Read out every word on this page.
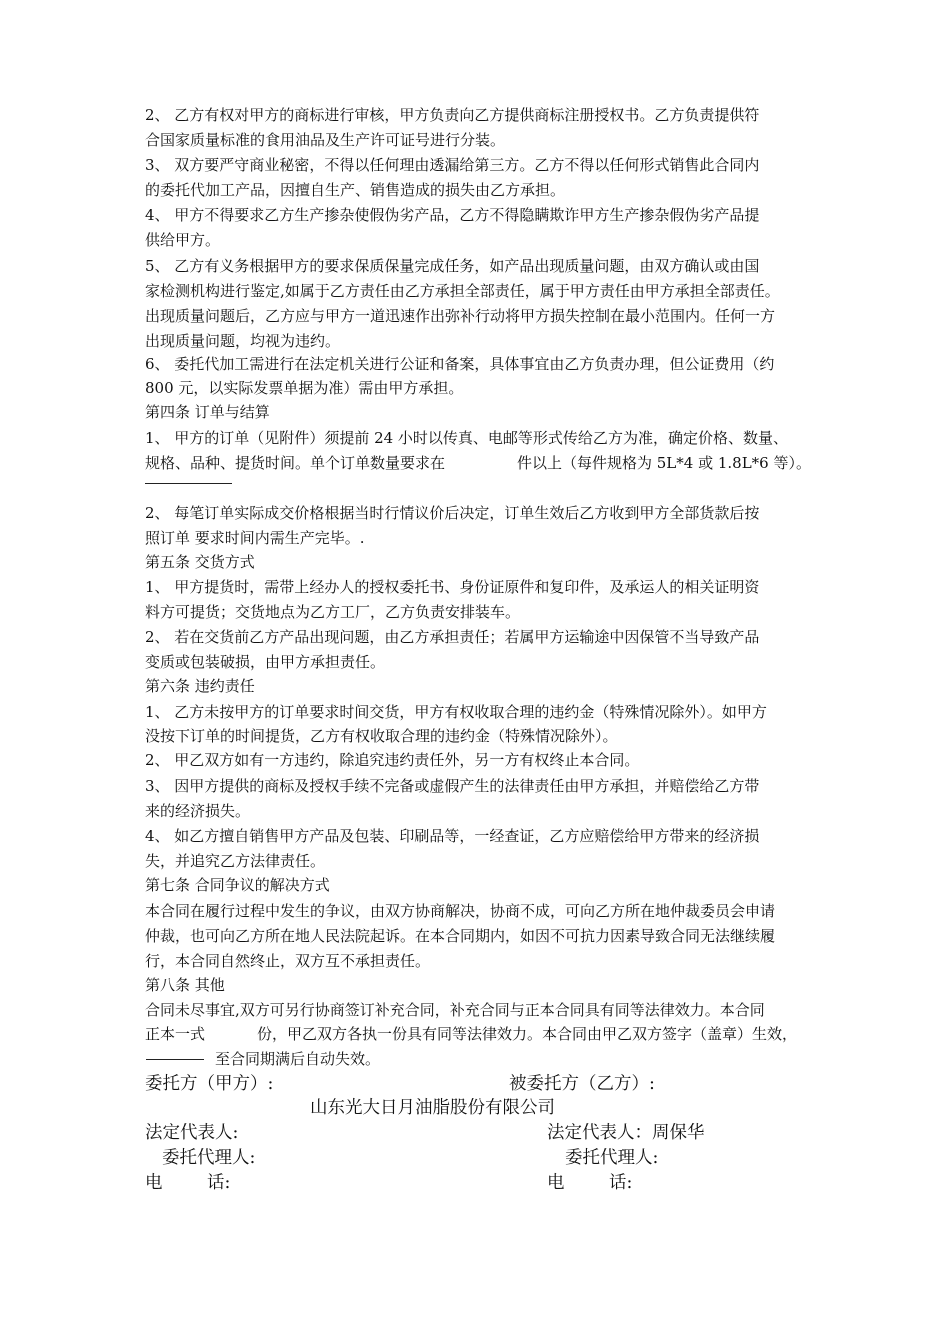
2、 乙方有权对甲方的商标进行审核，甲方负责向乙方提供商标注册授权书。乙方负责提供符
合国家质量标准的食用油品及生产许可证号进行分装。
3、 双方要严守商业秘密，不得以任何理由透漏给第三方。乙方不得以任何形式销售此合同内
的委托代加工产品，因擅自生产、销售造成的损失由乙方承担。
4、 甲方不得要求乙方生产掺杂使假伪劣产品，乙方不得隐瞒欺诈甲方生产掺杂假伪劣产品提
供给甲方。
5、 乙方有义务根据甲方的要求保质保量完成任务，如产品出现质量问题，由双方确认或由国
家检测机构进行鉴定,如属于乙方责任由乙方承担全部责任，属于甲方责任由甲方承担全部责任。
出现质量问题后，乙方应与甲方一道迅速作出弥补行动将甲方损失控制在最小范围内。任何一方
出现质量问题，均视为违约。
6、 委托代加工需进行在法定机关进行公证和备案，具体事宜由乙方负责办理，但公证费用（约
800 元，以实际发票单据为准）需由甲方承担。
第四条 订单与结算
1、 甲方的订单（见附件）须提前 24 小时以传真、电邮等形式传给乙方为准，确定价格、数量、
规格、品种、提货时间。单个订单数量要求在	件以上（每件规格为 5L*4 或 1.8L*6 等）。
2、 每笔订单实际成交价格根据当时行情议价后决定，订单生效后乙方收到甲方全部货款后按
照订单 要求时间内需生产完毕。.
第五条 交货方式
1、 甲方提货时，需带上经办人的授权委托书、身份证原件和复印件，及承运人的相关证明资
料方可提货；交货地点为乙方工厂，乙方负责安排装车。
2、 若在交货前乙方产品出现问题，由乙方承担责任；若属甲方运输途中因保管不当导致产品
变质或包装破损，由甲方承担责任。
第六条 违约责任
1、 乙方未按甲方的订单要求时间交货，甲方有权收取合理的违约金（特殊情况除外）。如甲方
没按下订单的时间提货，乙方有权收取合理的违约金（特殊情况除外）。
2、 甲乙双方如有一方违约，除追究违约责任外，另一方有权终止本合同。
3、 因甲方提供的商标及授权手续不完备或虚假产生的法律责任由甲方承担，并赔偿给乙方带
来的经济损失。
4、 如乙方擅自销售甲方产品及包装、印刷品等，一经查证，乙方应赔偿给甲方带来的经济损
失，并追究乙方法律责任。
第七条 合同争议的解决方式
本合同在履行过程中发生的争议，由双方协商解决，协商不成，可向乙方所在地仲裁委员会申请
仲裁，也可向乙方所在地人民法院起诉。在本合同期内，如因不可抗力因素导致合同无法继续履
行，本合同自然终止，双方互不承担责任。
第八条 其他
合同未尽事宜,双方可另行协商签订补充合同，补充合同与正本合同具有同等法律效力。本合同
正本一式	份，甲乙双方各执一份具有同等法律效力。本合同由甲乙双方签字（盖章）生效，
至合同期满后自动失效。
委托方（甲方）:	被委托方（乙方）:
山东光大日月油脂股份有限公司
法定代表人:	法定代表人：周保华
委托代理人:	委托代理人:
电        话:	电        话:
